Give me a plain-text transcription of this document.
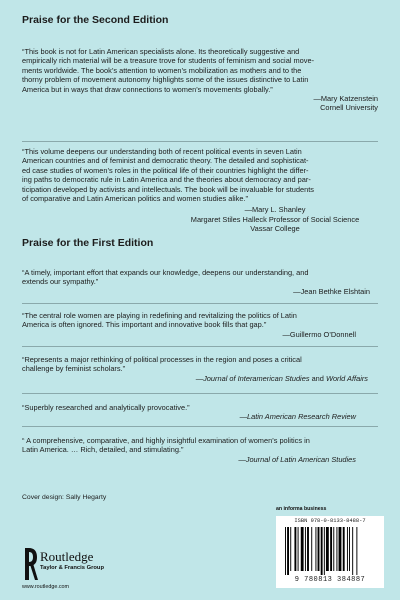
Praise for the Second Edition

“This book is not for Latin American specialists alone. Its theoretically suggestive and

empirically rich material will be a treasure trove for students of feminism and social move-

ments worldwide. The book’s attention to women’s mobilization as mothers and to the

thorny problem of movement autonomy highlights some of the issues distinctive to Latin

America but in ways that draw connections to women’s movements globally.”

—Mary Katzenstein
Cornell University

“This volume deepens our understanding both of recent political events in seven Latin

American countries and of feminist and democratic theory. The detailed and sophisticat-

ed case studies of women’s roles in the political life of their countries highlight the differ-

ing paths to democratic rule in Latin America and the theories about democracy and par-

ticipation developed by activists and intellectuals. The book will be invaluable for students

of comparative and Latin American politics and women studies alike.”

—Mary L. Shanley
Margaret Stiles Halleck Professor of Social Science
Vassar College
Praise for the First Edition

“A timely, important effort that expands our knowledge, deepens our understanding, and

extends our sympathy.”

—Jean Bethke Elshtain

“The central role women are playing in redefining and revitalizing the politics of Latin

America is often ignored. This important and innovative book fills that gap.”

—Guillermo O’Donnell

“Represents a major rethinking of political processes in the region and poses a critical

challenge by feminist scholars.”

—Journal of Interamerican Studies and World Affairs

“Superbly researched and analytically provocative.”

—Latin American Research Review

“ A comprehensive, comparative, and highly insightful examination of women’s politics in

Latin America. … Rich, detailed, and stimulating.”

—Journal of Latin American Studies
Cover design: Sally Hegarty
Routledge
Taylor & Francis Group
www.routledge.com
an informa business
ISBN 978-0-8133-8488-7
9 780813 384887
